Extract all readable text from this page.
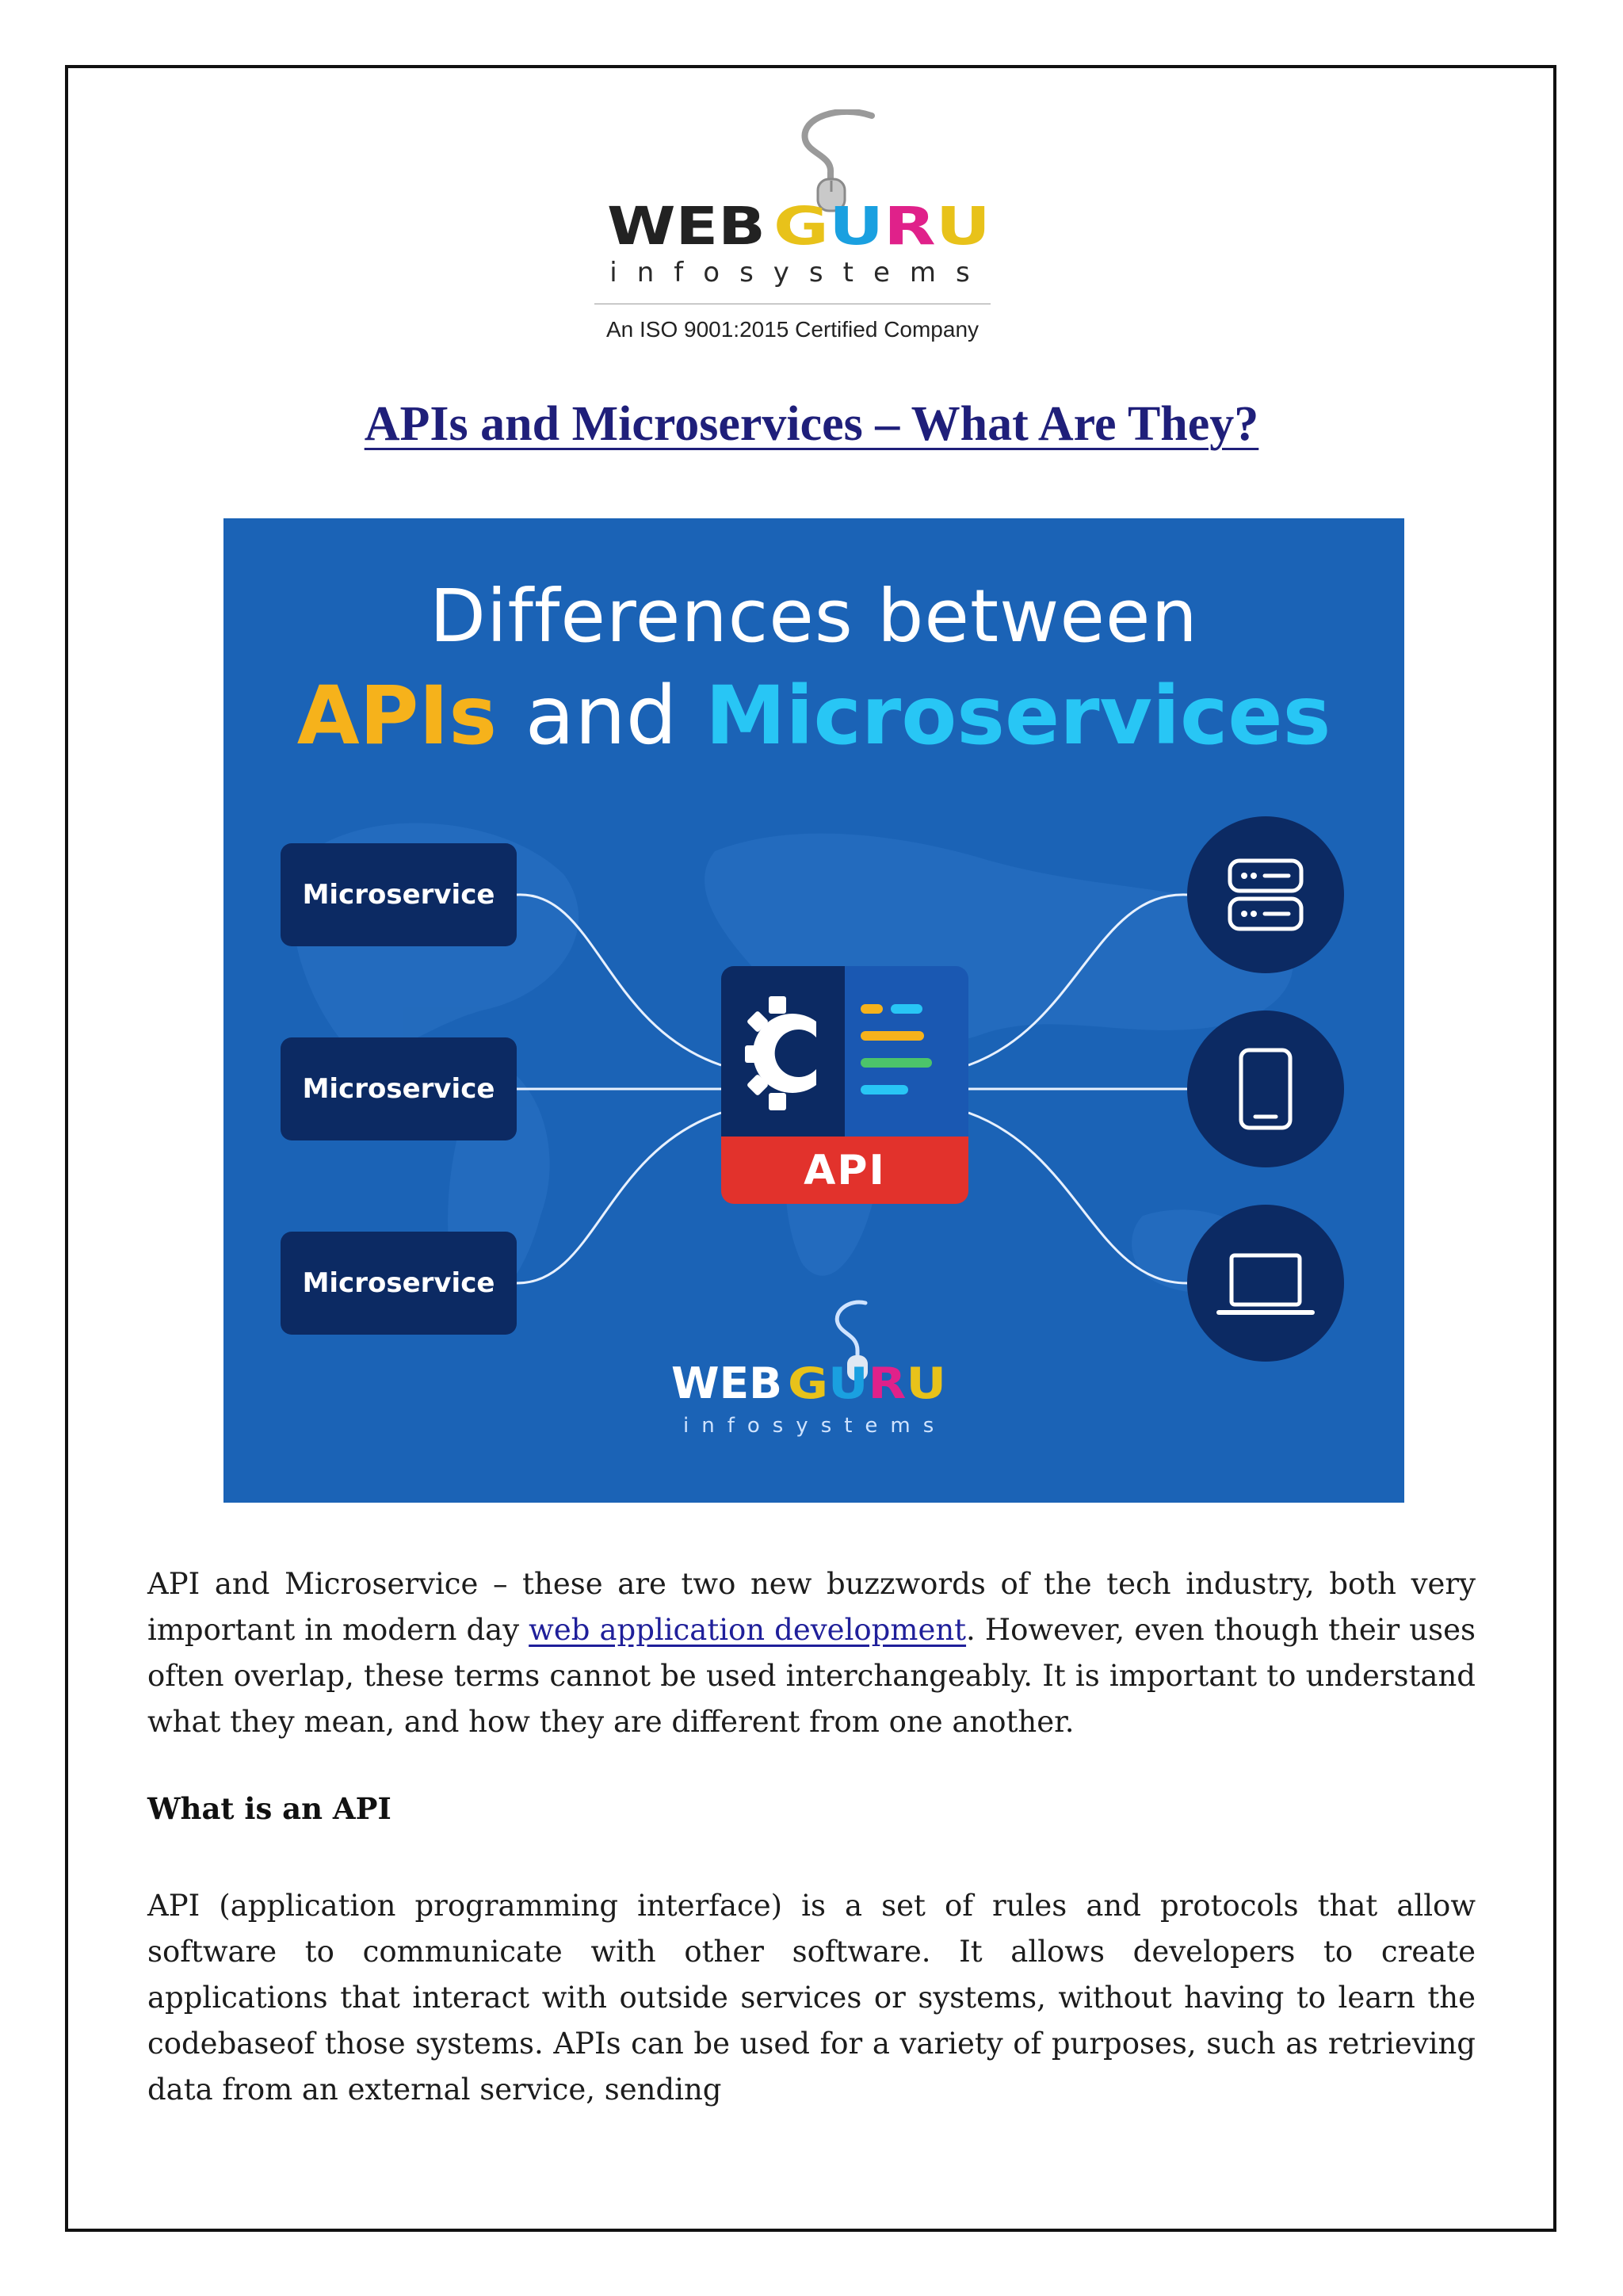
WEB G U R U
infosystems
An ISO 9001:2015 Certified Company
APIs and Microservices – What Are They?
WEB G U R U
Differences between
APIs and Microservices
Microservice
Microservice
Microservice
API
infosystems
API and Microservice – these are two new buzzwords of the tech industry, both very important in modern day web application development. However, even though their uses often overlap, these terms cannot be used interchangeably. It is important to understand what they mean, and how they are different from one another.
What is an API
API (application programming interface) is a set of rules and protocols that allow software to communicate with other software. It allows developers to create applications that interact with outside services or systems, without having to learn the codebaseof those systems. APIs can be used for a variety of purposes, such as retrieving data from an external service, sending
